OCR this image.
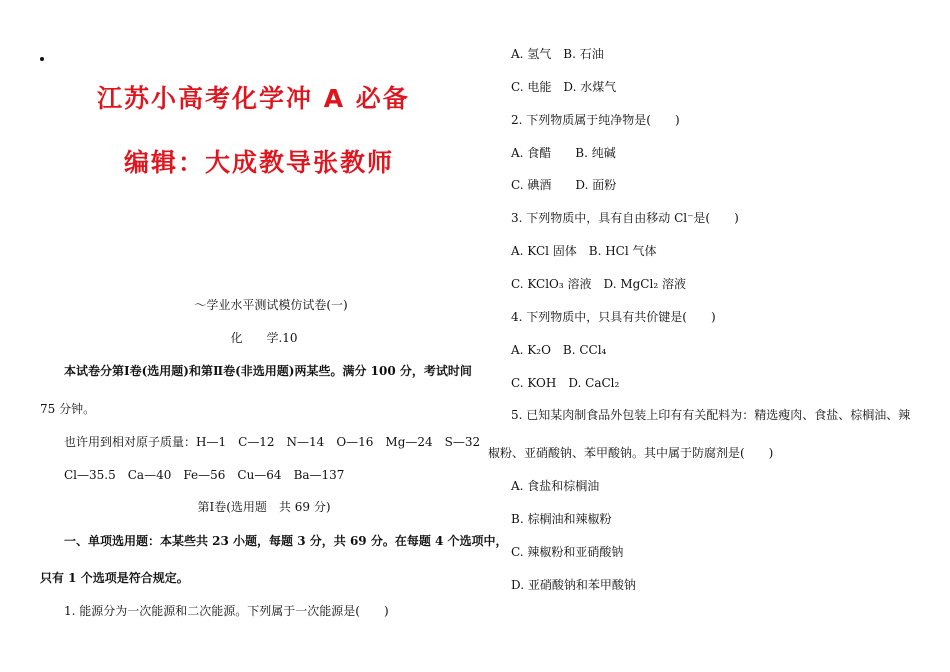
江苏小高考化学冲 A 必备
编辑：大成教导张教师
～学业水平测试模仿试卷(一)
化　　学.10
本试卷分第Ⅰ卷(选用题)和第Ⅱ卷(非选用题)两某些。满分 100 分，考试时间
75 分钟。
也许用到相对原子质量：H—1　C—12　N—14　O—16　Mg—24　S—32
Cl—35.5　Ca—40　Fe—56　Cu—64　Ba—137
第Ⅰ卷(选用题　共 69 分)
一、单项选用题：本某些共 23 小题，每题 3 分，共 69 分。在每题 4 个选项中，
只有 1 个选项是符合规定。
1. 能源分为一次能源和二次能源。下列属于一次能源是(　　)
A. 氢气　B. 石油
C. 电能　D. 水煤气
2. 下列物质属于纯净物是(　　)
A. 食醋　　B. 纯碱
C. 碘酒　　D. 面粉
3. 下列物质中，具有自由移动 Cl⁻是(　　)
A. KCl 固体　B. HCl 气体
C. KClO₃ 溶液　D. MgCl₂ 溶液
4. 下列物质中，只具有共价键是(　　)
A. K₂O　B. CCl₄
C. KOH　D. CaCl₂
5. 已知某肉制食品外包装上印有有关配料为：精选瘦肉、食盐、棕榈油、辣
椒粉、亚硝酸钠、苯甲酸钠。其中属于防腐剂是(　　)
A. 食盐和棕榈油
B. 棕榈油和辣椒粉
C. 辣椒粉和亚硝酸钠
D. 亚硝酸钠和苯甲酸钠
